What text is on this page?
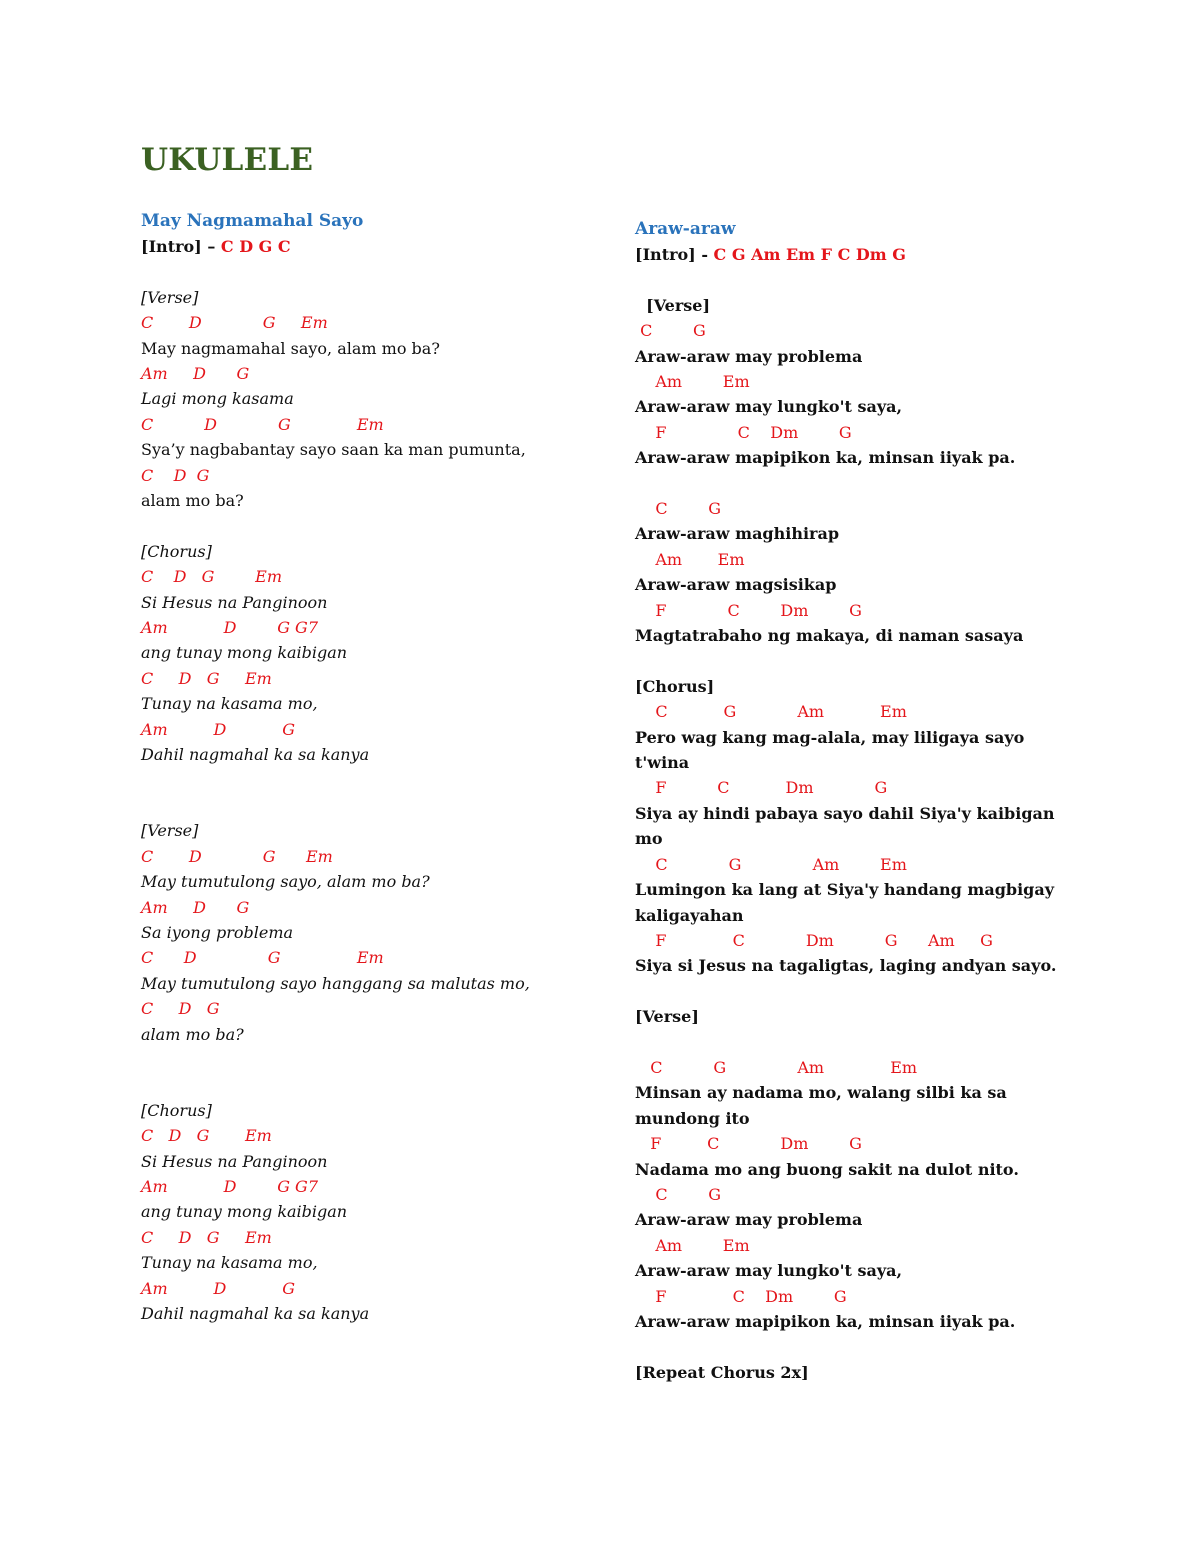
UKULELE
May Nagmamahal Sayo
[Intro] – C D G C
[Verse]
C       D            G     Em
May nagmamahal sayo, alam mo ba?
Am     D      G
Lagi mong kasama
C          D            G             Em
Sya’y nagbabantay sayo saan ka man pumunta,
C    D  G
alam mo ba?
[Chorus]
C    D   G        Em
Si Hesus na Panginoon
Am           D        G G7
ang tunay mong kaibigan
C     D   G     Em
Tunay na kasama mo,
Am         D           G
Dahil nagmahal ka sa kanya
[Verse]
C       D            G      Em
May tumutulong sayo, alam mo ba?
Am     D      G
Sa iyong problema
C      D              G               Em
May tumutulong sayo hanggang sa malutas mo,
C     D   G
alam mo ba?
[Chorus]
C   D   G       Em
Si Hesus na Panginoon
Am           D        G G7
ang tunay mong kaibigan
C     D   G     Em
Tunay na kasama mo,
Am         D           G
Dahil nagmahal ka sa kanya
Araw-araw
[Intro] - C G Am Em F C Dm G
[Verse]
C        G
Araw-araw may problema
Am        Em
Araw-araw may lungko't saya,
F              C    Dm        G
Araw-araw mapipikon ka, minsan iiyak pa.
C        G
Araw-araw maghihirap
Am       Em
Araw-araw magsisikap
F            C        Dm        G
Magtatrabaho ng makaya, di naman sasaya
[Chorus]
C           G            Am           Em
Pero wag kang mag-alala, may liligaya sayo t'wina
F          C           Dm            G
Siya ay hindi pabaya sayo dahil Siya'y kaibigan mo
C            G              Am        Em
Lumingon ka lang at Siya'y handang magbigay kaligayahan
F             C            Dm          G      Am     G
Siya si Jesus na tagaligtas, laging andyan sayo.
[Verse]
C          G              Am             Em
Minsan ay nadama mo, walang silbi ka sa mundong ito
F         C            Dm        G
Nadama mo ang buong sakit na dulot nito.
C        G
Araw-araw may problema
Am        Em
Araw-araw may lungko't saya,
F             C    Dm        G
Araw-araw mapipikon ka, minsan iiyak pa.
[Repeat Chorus 2x]
